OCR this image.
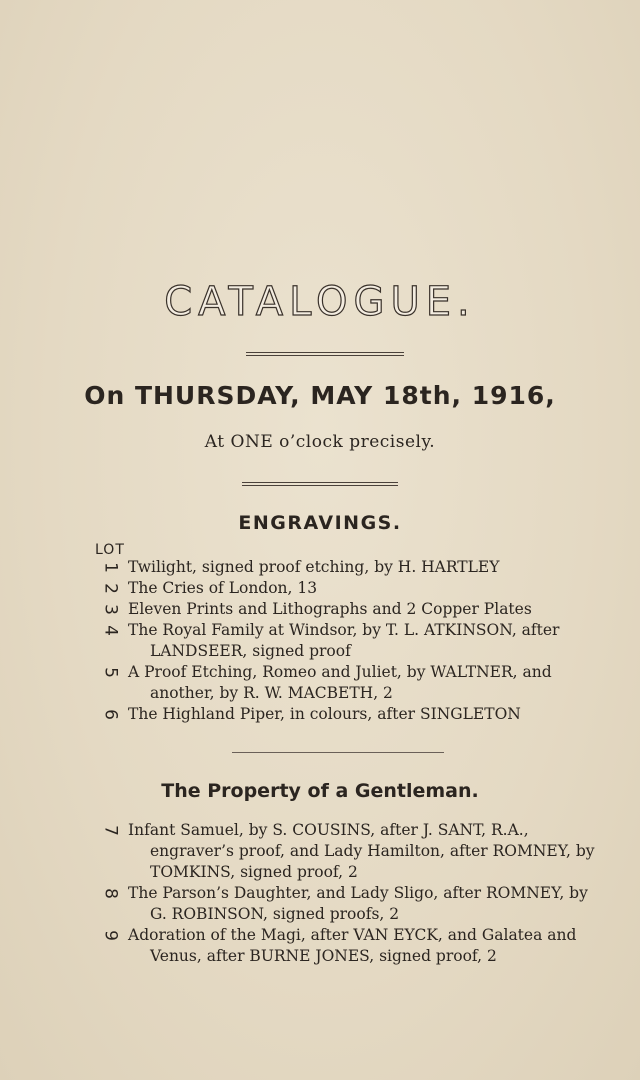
CATALOGUE.
On THURSDAY, MAY 18th, 1916,
At ONE o’clock precisely.
ENGRAVINGS.
LOT
The Property of a Gentleman.
1 Twilight, signed proof etching, by H. HARTLEY
2 The Cries of London, 13
3 Eleven Prints and Lithographs and 2 Copper Plates
4 The Royal Family at Windsor, by T. L. ATKINSON, after
LANDSEER, signed proof
5 A Proof Etching, Romeo and Juliet, by WALTNER, and
another, by R. W. MACBETH, 2
6 The Highland Piper, in colours, after SINGLETON
7 Infant Samuel, by S. COUSINS, after J. SANT, R.A.,
engraver’s proof, and Lady Hamilton, after ROMNEY, by
TOMKINS, signed proof, 2
8 The Parson’s Daughter, and Lady Sligo, after ROMNEY, by
G. ROBINSON, signed proofs, 2
9 Adoration of the Magi, after VAN EYCK, and Galatea and
Venus, after BURNE JONES, signed proof, 2
